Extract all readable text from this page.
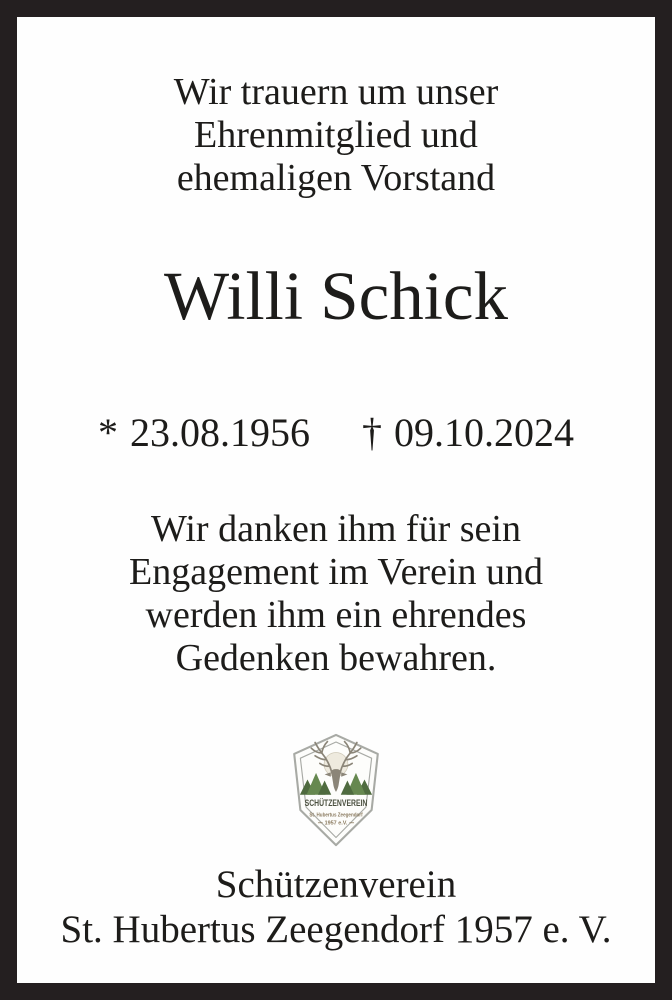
Wir trauern um unser
Ehrenmitglied und
ehemaligen Vorstand
Willi Schick
* 23.08.1956 † 09.10.2024
Wir danken ihm für sein
Engagement im Verein und
werden ihm ein ehrendes
Gedenken bewahren.
SCHÜTZENVEREIN
St. Hubertus Zeegendorf
1957 e.V.
Schützenverein
St. Hubertus Zeegendorf 1957 e. V.
